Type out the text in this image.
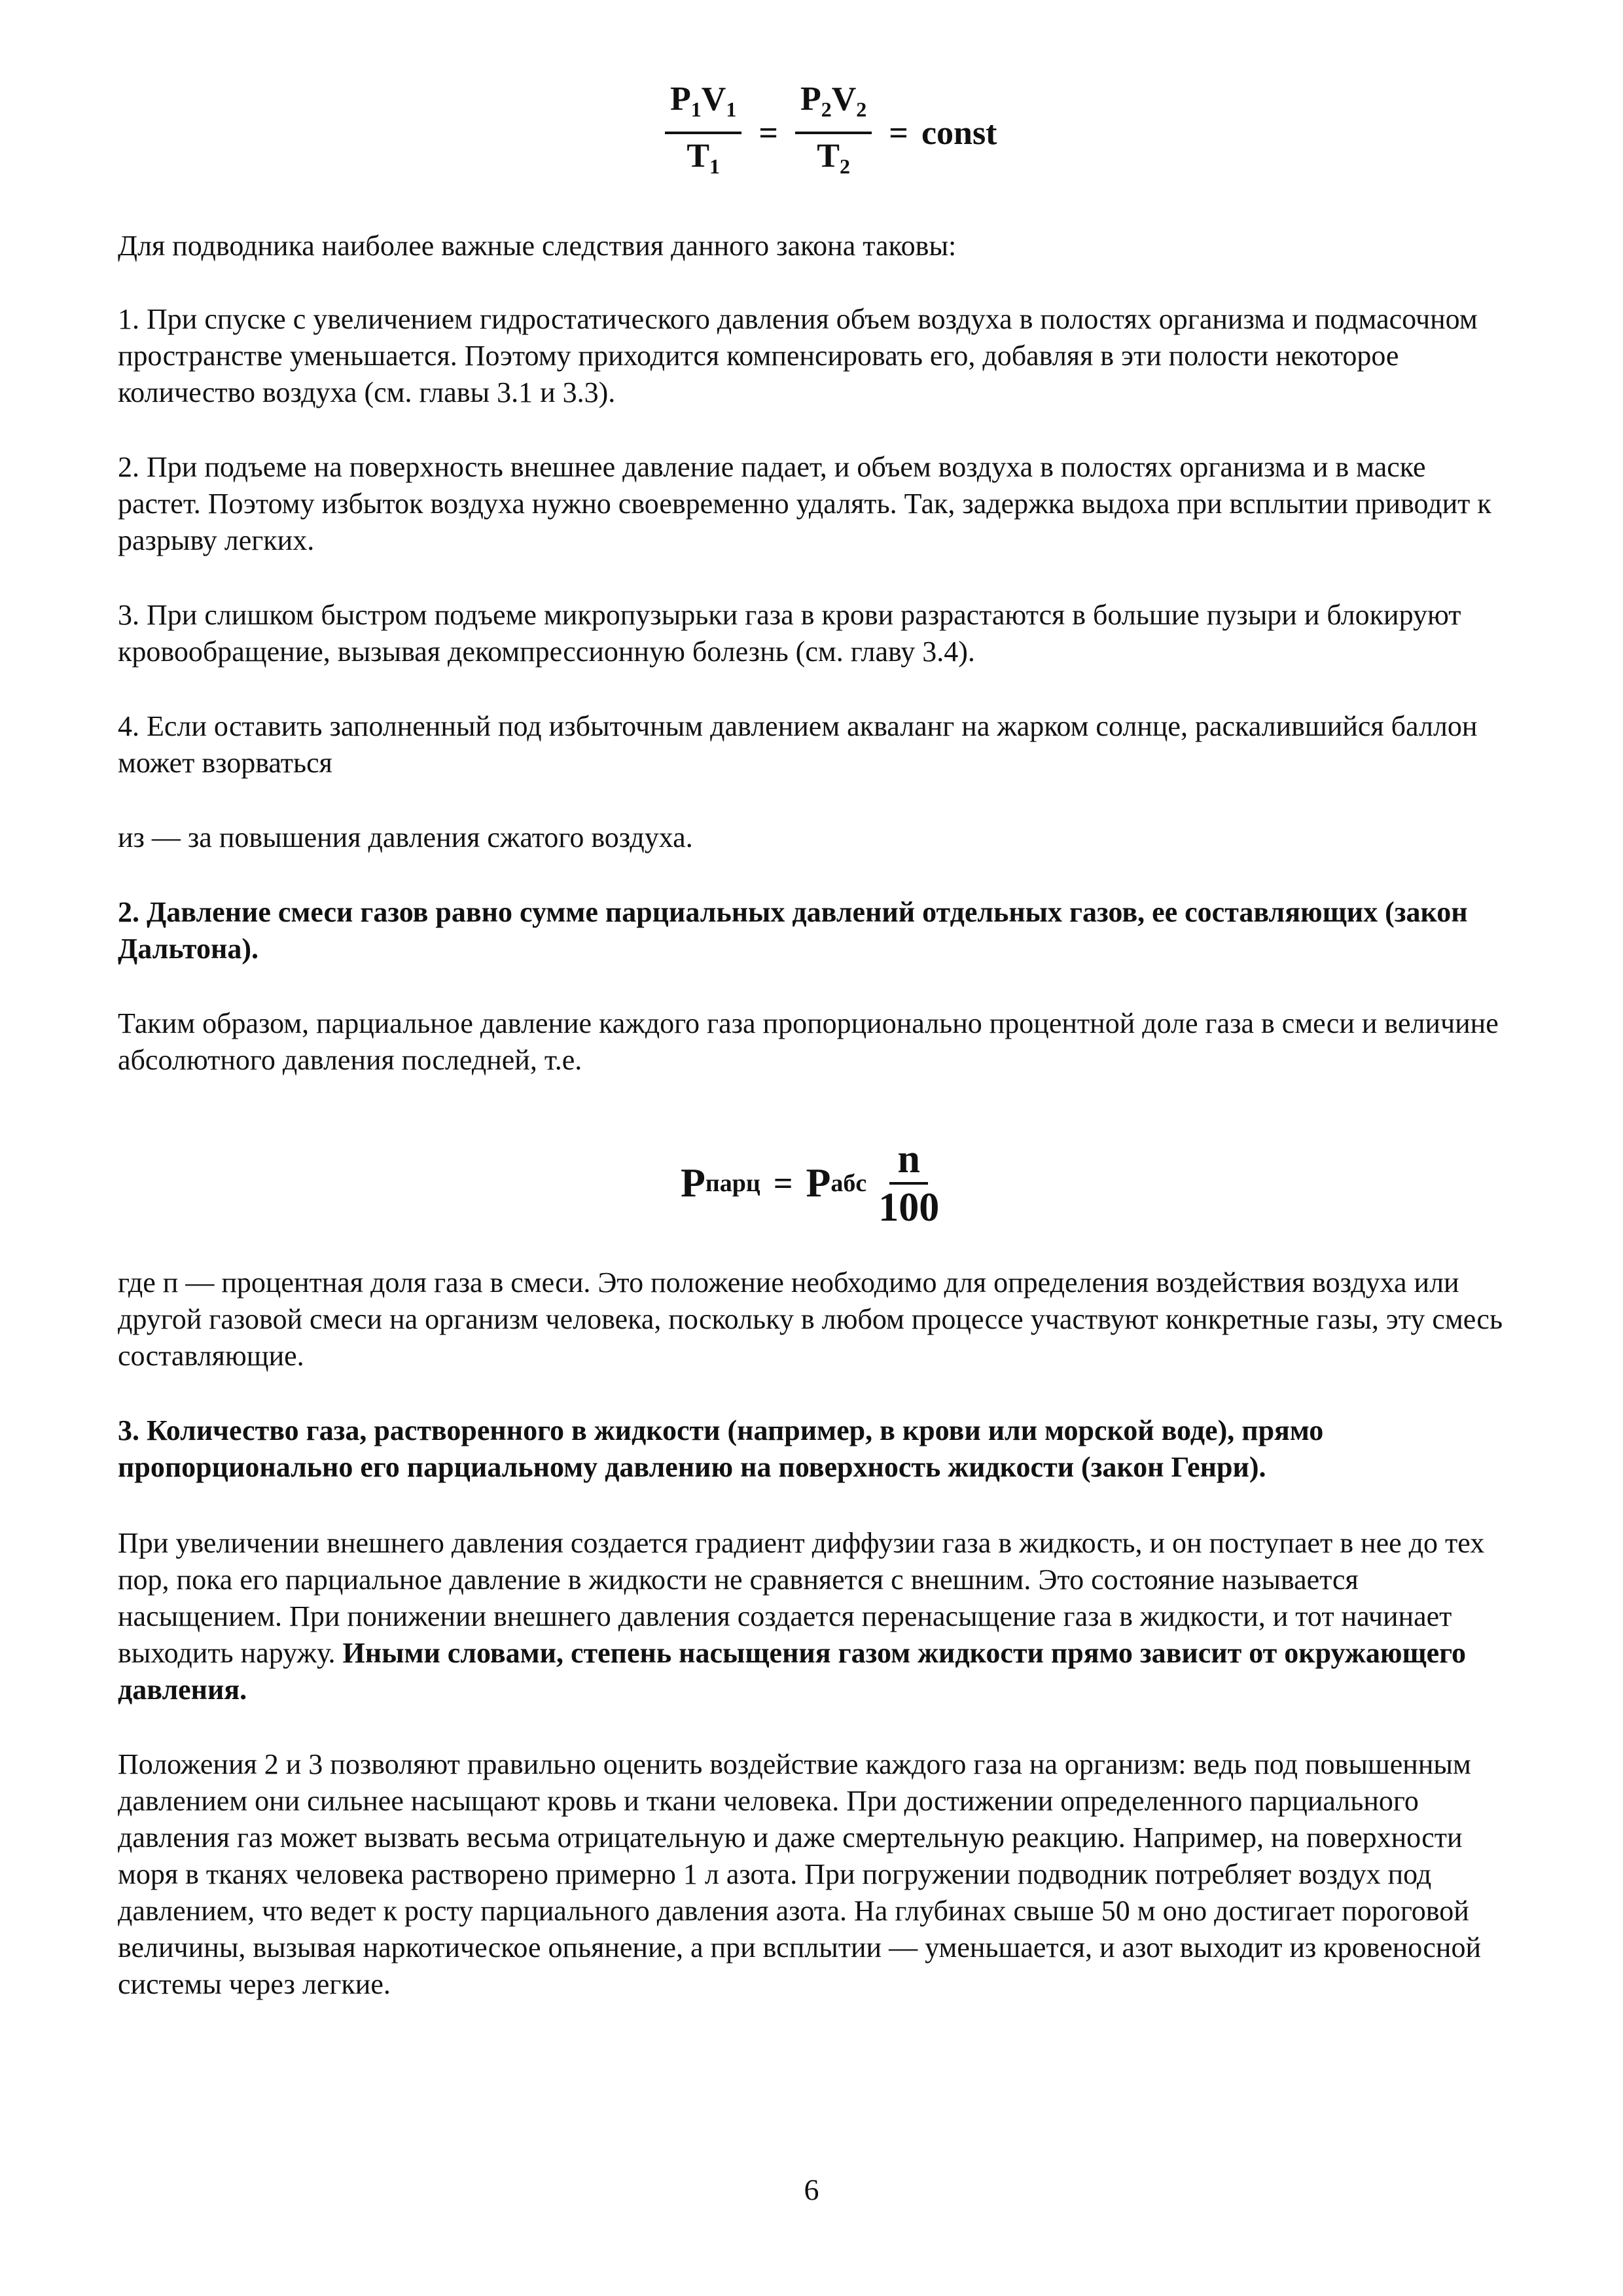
$\frac{P_1V_1}{T_1} = \frac{P_2V_2}{T_2}$ = const

Для подводника наиболее важные следствия данного закона таковы:

1. При спуске с увеличением гидростатического давления объем воздуха в полостях организма и подмасочном пространстве уменьшается. Поэтому приходится компенсировать его, добавляя в эти полости некоторое количество воздуха (см. главы 3.1 и 3.3).

2. При подъеме на поверхность внешнее давление падает, и объем воздуха в полостях организма и в маске растет. Поэтому избыток воздуха нужно своевременно удалять. Так, задержка выдоха при всплытии приводит к разрыву легких.

3. При слишком быстром подъеме микропузырьки газа в крови разрастаются в большие пузыри и блокируют кровообращение, вызывая декомпрессионную болезнь (см. главу 3.4).

4. Если оставить заполненный под избыточным давлением акваланг на жарком солнце, раскалившийся баллон может взорваться

из — за повышения давления сжатого воздуха.

2. Давление смеси газов равно сумме парциальных давлений отдельных газов, ее составляющих (закон Дальтона).

Таким образом, парциальное давление каждого газа пропорционально процентной доле газа в смеси и величине абсолютного давления последней, т.е.

P парц = P абс $\frac{n}{100}$

где п — процентная доля газа в смеси. Это положение необходимо для определения воздействия воздуха или другой газовой смеси на организм человека, поскольку в любом процессе участвуют конкретные газы, эту смесь составляющие.

3. Количество газа, растворенного в жидкости (например, в крови или морской воде), прямо пропорционально его парциальному давлению на поверхность жидкости (закон Генри).

При увеличении внешнего давления создается градиент диффузии газа в жидкость, и он поступает в нее до тех пор, пока его парциальное давление в жидкости не сравняется с внешним. Это состояние называется насыщением. При понижении внешнего давления создается перенасыщение газа в жидкости, и тот начинает выходить наружу. Иными словами, степень насыщения газом жидкости прямо зависит от окружающего давления.

Положения 2 и 3 позволяют правильно оценить воздействие каждого газа на организм: ведь под повышенным давлением они сильнее насыщают кровь и ткани человека. При достижении определенного парциального давления газ может вызвать весьма отрицательную и даже смертельную реакцию. Например, на поверхности моря в тканях человека растворено примерно 1 л азота. При погружении подводник потребляет воздух под давлением, что ведет к росту парциального давления азота. На глубинах свыше 50 м оно достигает пороговой величины, вызывая наркотическое опьянение, а при всплытии — уменьшается, и азот выходит из кровеносной системы через легкие.

6
